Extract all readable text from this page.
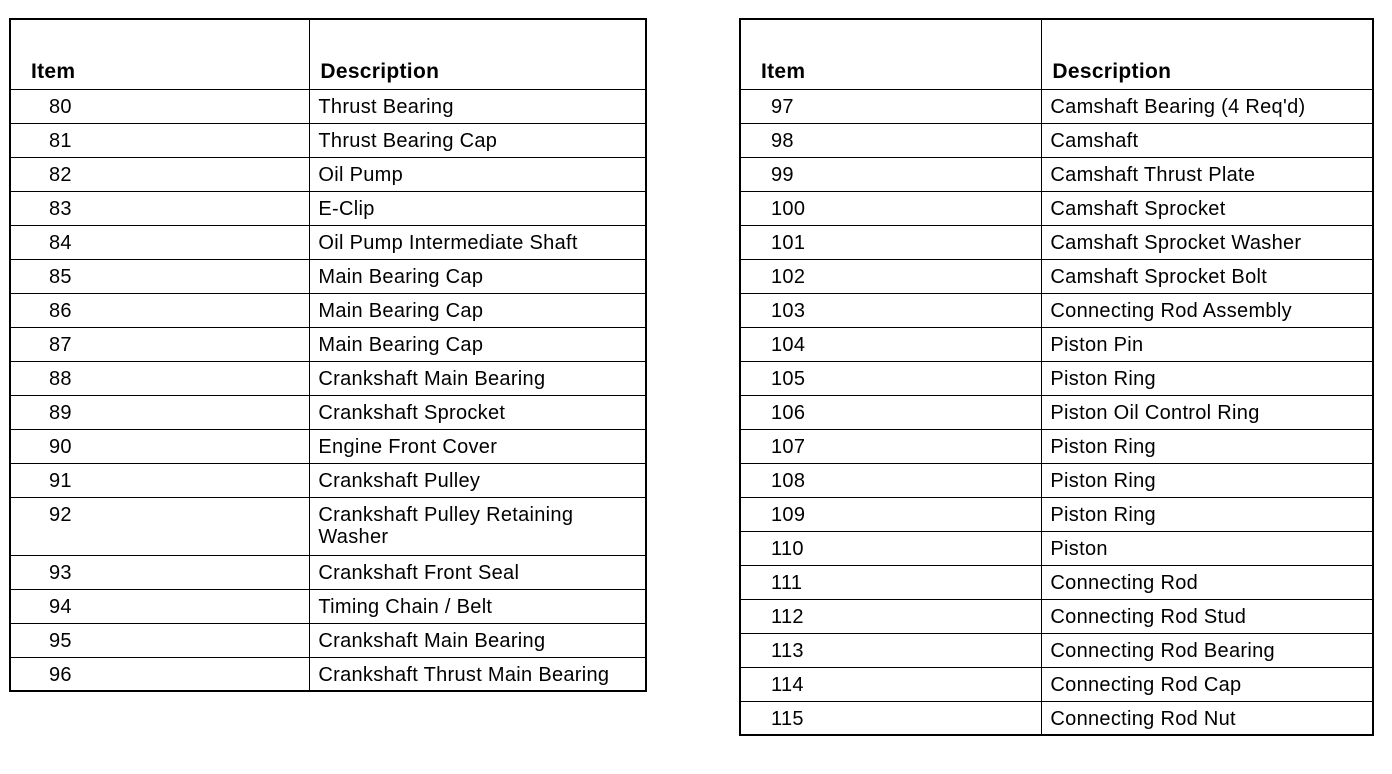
Item	Description
80	Thrust Bearing
81	Thrust Bearing Cap
82	Oil Pump
83	E-Clip
84	Oil Pump Intermediate Shaft
85	Main Bearing Cap
86	Main Bearing Cap
87	Main Bearing Cap
88	Crankshaft Main Bearing
89	Crankshaft Sprocket
90	Engine Front Cover
91	Crankshaft Pulley
92	Crankshaft Pulley Retaining Washer
93	Crankshaft Front Seal
94	Timing Chain / Belt
95	Crankshaft Main Bearing
96	Crankshaft Thrust Main Bearing
Item	Description
97	Camshaft Bearing (4 Req'd)
98	Camshaft
99	Camshaft Thrust Plate
100	Camshaft Sprocket
101	Camshaft Sprocket Washer
102	Camshaft Sprocket Bolt
103	Connecting Rod Assembly
104	Piston Pin
105	Piston Ring
106	Piston Oil Control Ring
107	Piston Ring
108	Piston Ring
109	Piston Ring
110	Piston
111	Connecting Rod
112	Connecting Rod Stud
113	Connecting Rod Bearing
114	Connecting Rod Cap
115	Connecting Rod Nut
